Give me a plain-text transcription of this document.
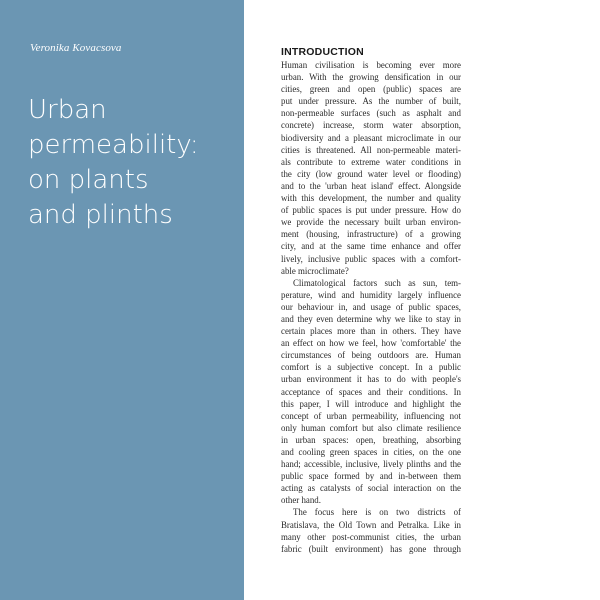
Veronika Kovacsova
Urban
permeability:
on plants
and plinths
INTRODUCTION

Human civilisation is becoming ever more
urban. With the growing densification in our
cities, green and open (public) spaces are
put under pressure. As the number of built,
non-permeable surfaces (such as asphalt and
concrete) increase, storm water absorption,
biodiversity and a pleasant microclimate in our
cities is threatened. All non-permeable materi-
als contribute to extreme water conditions in
the city (low ground water level or flooding)
and to the 'urban heat island' effect. Alongside
with this development, the number and quality
of public spaces is put under pressure. How do
we provide the necessary built urban environ-
ment (housing, infrastructure) of a growing
city, and at the same time enhance and offer
lively, inclusive public spaces with a comfort-
able microclimate?

Climatological factors such as sun, tem-
perature, wind and humidity largely influence
our behaviour in, and usage of public spaces,
and they even determine why we like to stay in
certain places more than in others. They have
an effect on how we feel, how 'comfortable' the
circumstances of being outdoors are. Human
comfort is a subjective concept. In a public
urban environment it has to do with people's
acceptance of spaces and their conditions. In
this paper, I will introduce and highlight the
concept of urban permeability, influencing not
only human comfort but also climate resilience
in urban spaces: open, breathing, absorbing
and cooling green spaces in cities, on the one
hand; accessible, inclusive, lively plinths and the
public space formed by and in-between them
acting as catalysts of social interaction on the
other hand.

The focus here is on two districts of
Bratislava, the Old Town and Petralka. Like in
many other post-communist cities, the urban
fabric (built environment) has gone through
